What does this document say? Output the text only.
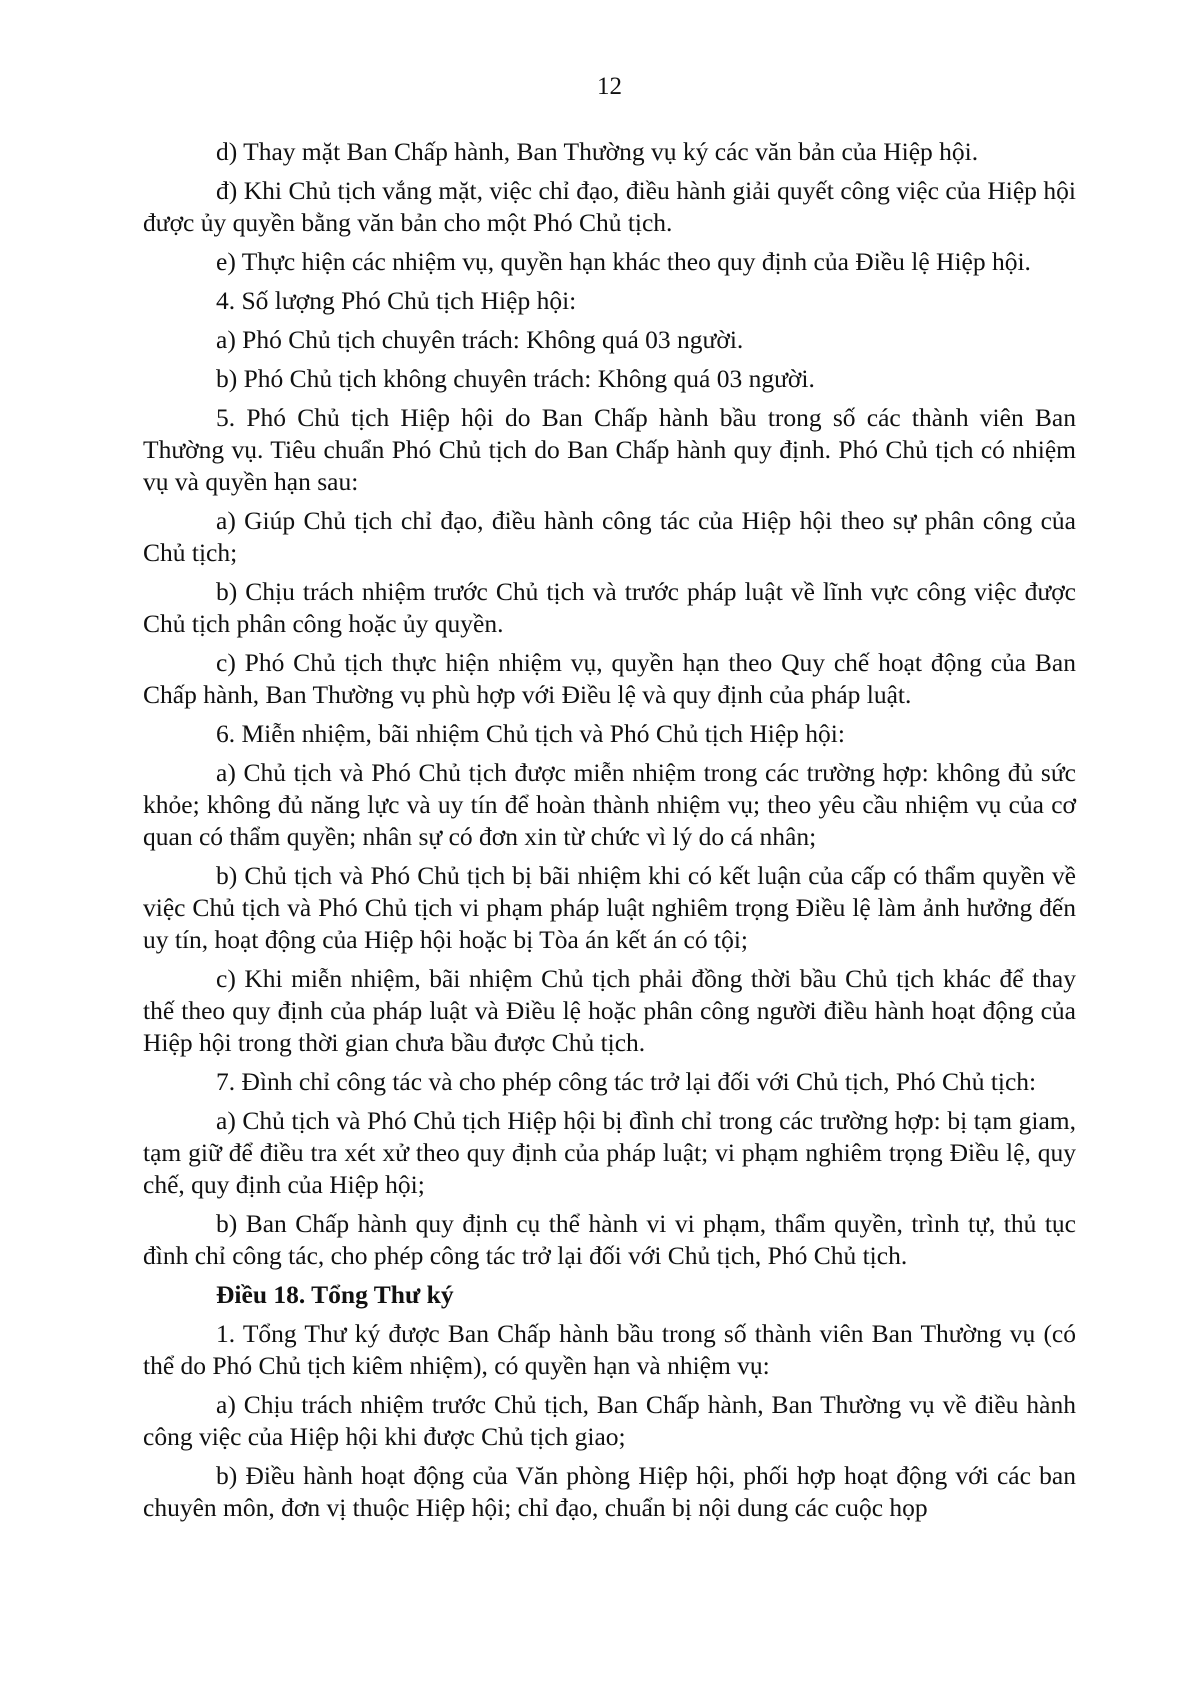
12

d) Thay mặt Ban Chấp hành, Ban Thường vụ ký các văn bản của Hiệp hội.

đ) Khi Chủ tịch vắng mặt, việc chỉ đạo, điều hành giải quyết công việc của Hiệp hội được ủy quyền bằng văn bản cho một Phó Chủ tịch.

e) Thực hiện các nhiệm vụ, quyền hạn khác theo quy định của Điều lệ Hiệp hội.

4. Số lượng Phó Chủ tịch Hiệp hội:

a) Phó Chủ tịch chuyên trách: Không quá 03 người.

b) Phó Chủ tịch không chuyên trách: Không quá 03 người.

5. Phó Chủ tịch Hiệp hội do Ban Chấp hành bầu trong số các thành viên Ban Thường vụ. Tiêu chuẩn Phó Chủ tịch do Ban Chấp hành quy định. Phó Chủ tịch có nhiệm vụ và quyền hạn sau:

a) Giúp Chủ tịch chỉ đạo, điều hành công tác của Hiệp hội theo sự phân công của Chủ tịch;

b) Chịu trách nhiệm trước Chủ tịch và trước pháp luật về lĩnh vực công việc được Chủ tịch phân công hoặc ủy quyền.

c) Phó Chủ tịch thực hiện nhiệm vụ, quyền hạn theo Quy chế hoạt động của Ban Chấp hành, Ban Thường vụ phù hợp với Điều lệ và quy định của pháp luật.

6. Miễn nhiệm, bãi nhiệm Chủ tịch và Phó Chủ tịch Hiệp hội:

a) Chủ tịch và Phó Chủ tịch được miễn nhiệm trong các trường hợp: không đủ sức khỏe; không đủ năng lực và uy tín để hoàn thành nhiệm vụ; theo yêu cầu nhiệm vụ của cơ quan có thẩm quyền; nhân sự có đơn xin từ chức vì lý do cá nhân;

b) Chủ tịch và Phó Chủ tịch bị bãi nhiệm khi có kết luận của cấp có thẩm quyền về việc Chủ tịch và Phó Chủ tịch vi phạm pháp luật nghiêm trọng Điều lệ làm ảnh hưởng đến uy tín, hoạt động của Hiệp hội hoặc bị Tòa án kết án có tội;

c) Khi miễn nhiệm, bãi nhiệm Chủ tịch phải đồng thời bầu Chủ tịch khác để thay thế theo quy định của pháp luật và Điều lệ hoặc phân công người điều hành hoạt động của Hiệp hội trong thời gian chưa bầu được Chủ tịch.

7. Đình chỉ công tác và cho phép công tác trở lại đối với Chủ tịch, Phó Chủ tịch:

a) Chủ tịch và Phó Chủ tịch Hiệp hội bị đình chỉ trong các trường hợp: bị tạm giam, tạm giữ để điều tra xét xử theo quy định của pháp luật; vi phạm nghiêm trọng Điều lệ, quy chế, quy định của Hiệp hội;

b) Ban Chấp hành quy định cụ thể hành vi vi phạm, thẩm quyền, trình tự, thủ tục đình chỉ công tác, cho phép công tác trở lại đối với Chủ tịch, Phó Chủ tịch.

Điều 18. Tổng Thư ký

1. Tổng Thư ký được Ban Chấp hành bầu trong số thành viên Ban Thường vụ (có thể do Phó Chủ tịch kiêm nhiệm), có quyền hạn và nhiệm vụ:

a) Chịu trách nhiệm trước Chủ tịch, Ban Chấp hành, Ban Thường vụ về điều hành công việc của Hiệp hội khi được Chủ tịch giao;

b) Điều hành hoạt động của Văn phòng Hiệp hội, phối hợp hoạt động với các ban chuyên môn, đơn vị thuộc Hiệp hội; chỉ đạo, chuẩn bị nội dung các cuộc họp
